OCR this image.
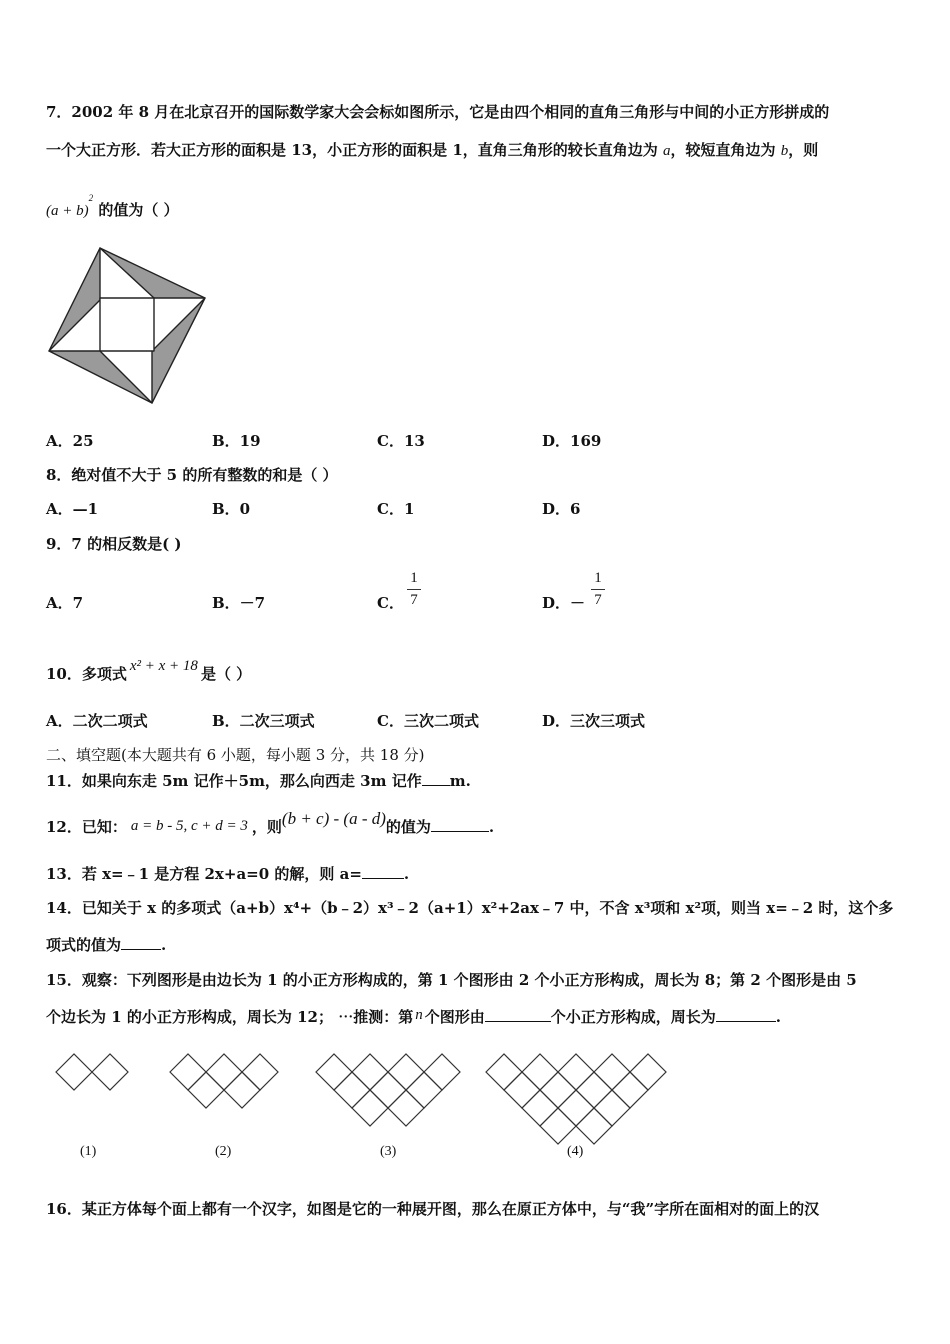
7．2002 年 8 月在北京召开的国际数学家大会会标如图所示，它是由四个相同的直角三角形与中间的小正方形拼成的
一个大正方形．若大正方形的面积是 13，小正方形的面积是 1，直角三角形的较长直角边为 a，较短直角边为 b，则
$(a + b)^2$ 的值为（ ）
A．25	B．19	C．13	D．169
8．绝对值不大于 5 的所有整数的和是（ ）
A．—1	B．0	C．1	D．6
9．7 的相反数是( )
A．7	B．－7	C．
1
7	D．－
1
7
10．多项式 x² + x + 18 是（ ）
A．二次二项式	B．二次三项式	C．三次二项式	D．三次三项式
二、填空题(本大题共有 6 小题，每小题 3 分，共 18 分)
11．如果向东走 5m 记作＋5m，那么向西走 3m 记作 m.
12．已知： a = b - 5, c + d = 3 ，则(b + c) - (a - d)的值为	.
13．若 x=﹣1 是方程 2x+a=0 的解，则 a=	.
14．已知关于 x 的多项式（a+b）x⁴+（b﹣2）x³﹣2（a+1）x²+2ax﹣7 中，不含 x³项和 x²项，则当 x=﹣2 时，这个多
项式的值为	.
15．观察：下列图形是由边长为 1 的小正方形构成的，第 1 个图形由 2 个小正方形构成，周长为 8；第 2 个图形是由 5
个边长为 1 的小正方形构成，周长为 12； ⋯推测：第 n 个图形由	个小正方形构成，周长为	.
(1)	(2)	(3)	(4)
16．某正方体每个面上都有一个汉字，如图是它的一种展开图，那么在原正方体中，与“我”字所在面相对的面上的汉
